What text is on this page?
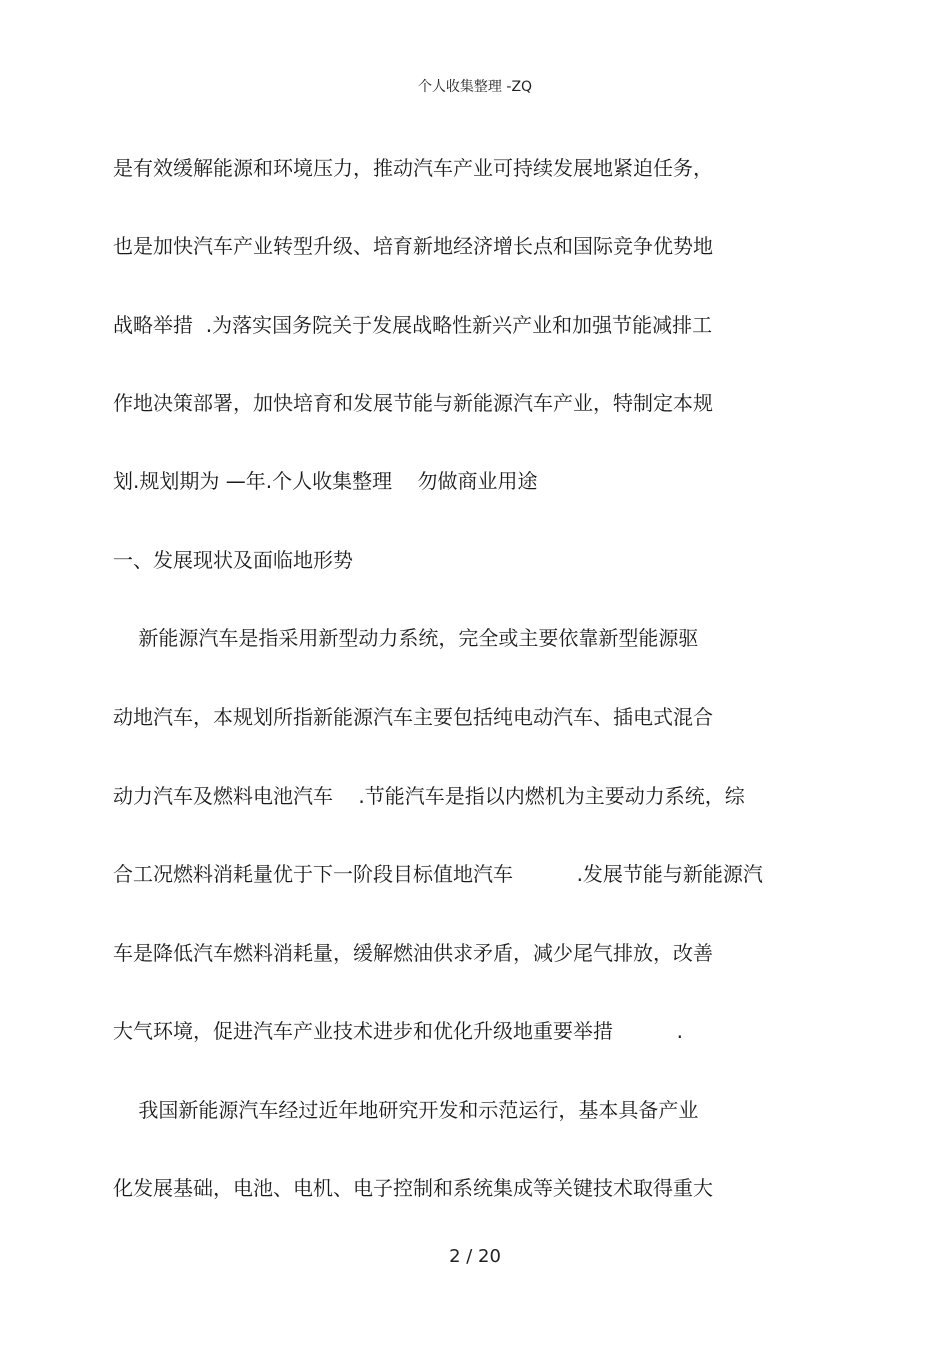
个人收集整理 -ZQ
是有效缓解能源和环境压力，推动汽车产业可持续发展地紧迫任务，
也是加快汽车产业转型升级、培育新地经济增长点和国际竞争优势地
战略举措  .为落实国务院关于发展战略性新兴产业和加强节能减排工
作地决策部署，加快培育和发展节能与新能源汽车产业，特制定本规
划.规划期为 —年.个人收集整理    勿做商业用途
一、发展现状及面临地形势
新能源汽车是指采用新型动力系统，完全或主要依靠新型能源驱
动地汽车，本规划所指新能源汽车主要包括纯电动汽车、插电式混合
动力汽车及燃料电池汽车    .节能汽车是指以内燃机为主要动力系统，综
合工况燃料消耗量优于下一阶段目标值地汽车          .发展节能与新能源汽
车是降低汽车燃料消耗量，缓解燃油供求矛盾，减少尾气排放，改善
大气环境，促进汽车产业技术进步和优化升级地重要举措          .
我国新能源汽车经过近年地研究开发和示范运行，基本具备产业
化发展基础，电池、电机、电子控制和系统集成等关键技术取得重大
2 / 20
